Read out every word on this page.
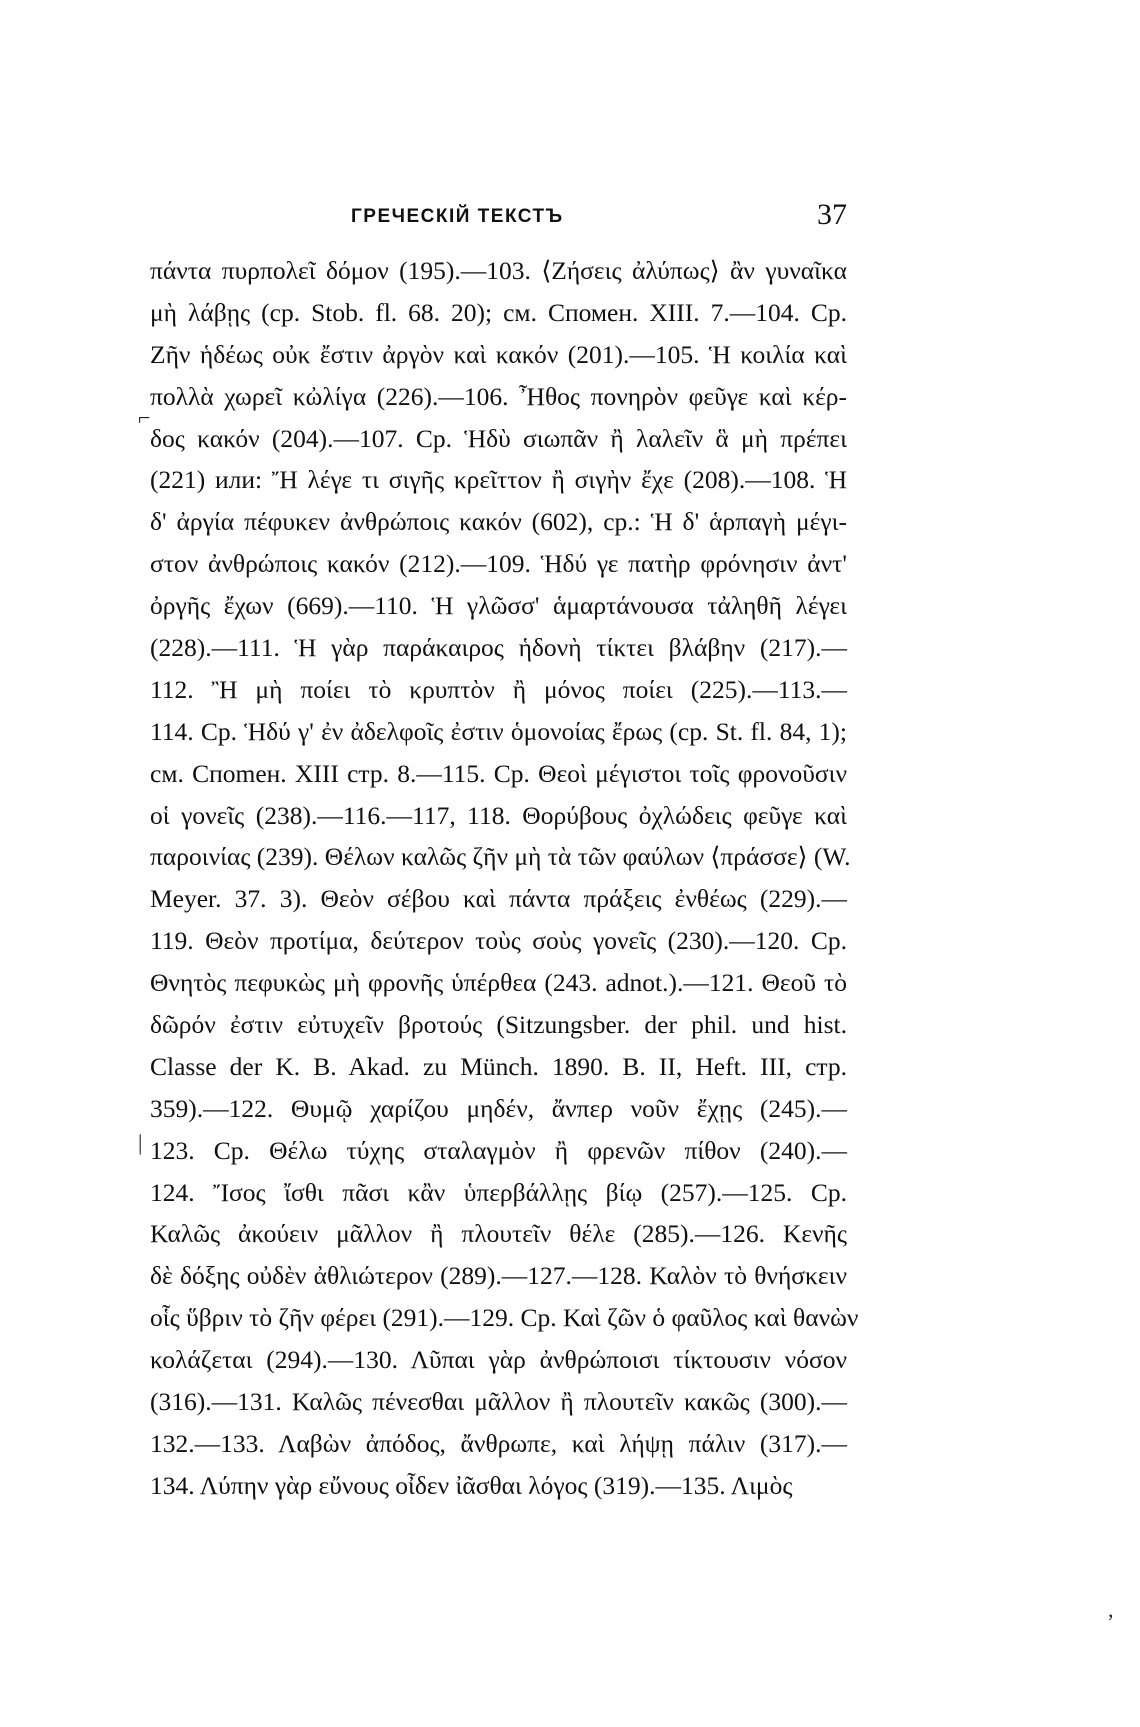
ГРЕЧЕСКІЙ ТЕКСТЪ	37
πάντα πυρπολεῖ δόμον (195).—103. ⟨Ζήσεις ἀλύπως⟩ ἂν γυναῖκα
μὴ λάβῃς (cp. Stob. fl. 68. 20); см. Спомен. XIII. 7.—104. Cp.
Ζῆν ἡδέως οὐκ ἔστιν ἀργὸν καὶ κακόν (201).—105. Ἡ κοιλία καὶ
πολλὰ χωρεῖ κὠλίγα (226).—106. Ἦθος πονηρὸν φεῦγε καὶ κέρ-
δος κακόν (204).—107. Cp. Ἡδὺ σιωπᾶν ἢ λαλεῖν ἃ μὴ πρέπει
(221) или: Ἤ λέγε τι σιγῆς κρεῖττον ἢ σιγὴν ἔχε (208).—108. Ἡ
δ' ἀργία πέφυκεν ἀνθρώποις κακόν (602), cp.: Ἡ δ' ἁρπαγὴ μέγι-
στον ἀνθρώποις κακόν (212).—109. Ἡδύ γε πατὴρ φρόνησιν ἀντ'
ὀργῆς ἔχων (669).—110. Ἡ γλῶσσ' ἁμαρτάνουσα τἀληθῆ λέγει
(228).—111. Ἡ γὰρ παράκαιρος ἡδονὴ τίκτει βλάβην (217).—
112. Ἢ μὴ ποίει τὸ κρυπτὸν ἢ μόνος ποίει (225).—113.—
114. Cp. Ἡδύ γ' ἐν ἀδελφοῖς ἐστιν ὁμονοίας ἔρως (cp. St. fl. 84, 1);
см. Споmен. XIII стр. 8.—115. Cp. Θεοὶ μέγιστοι τοῖς φρονοῦσιν
οἱ γονεῖς (238).—116.—117, 118. Θορύβους ὀχλώδεις φεῦγε καὶ
παροινίας (239). Θέλων καλῶς ζῆν μὴ τὰ τῶν φαύλων ⟨πράσσε⟩ (W.
Meyer. 37. 3). Θεὸν σέβου καὶ πάντα πράξεις ἐνθέως (229).—
119. Θεὸν προτίμα, δεύτερον τοὺς σοὺς γονεῖς (230).—120. Cp.
Θνητὸς πεφυκὼς μὴ φρονῆς ὑπέρθεα (243. adnot.).—121. Θεοῦ τὸ
δῶρόν ἐστιν εὐτυχεῖν βροτούς (Sitzungsber. der phil. und hist.
Classe der K. B. Akad. zu Münch. 1890. B. II, Heft. III, стр.
359).—122. Θυμῷ χαρίζου μηδέν, ἄνπερ νοῦν ἔχῃς (245).—
123. Cp. Θέλω τύχης σταλαγμὸν ἢ φρενῶν πίθον (240).—
124. Ἴσος ἴσθι πᾶσι κἂν ὑπερβάλλῃς βίῳ (257).—125. Cp.
Καλῶς ἀκούειν μᾶλλον ἢ πλουτεῖν θέλε (285).—126. Κενῆς
δὲ δόξης οὐδὲν ἀθλιώτερον (289).—127.—128. Καλὸν τὸ θνήσκειν
οἷς ὕβριν τὸ ζῆν φέρει (291).—129. Cp. Καὶ ζῶν ὁ φαῦλος καὶ θανὼν
κολάζεται (294).—130. Λῦπαι γὰρ ἀνθρώποισι τίκτουσιν νόσον
(316).—131. Καλῶς πένεσθαι μᾶλλον ἢ πλουτεῖν κακῶς (300).—
132.—133. Λαβὼν ἀπόδος, ἄνθρωπε, καὶ λήψῃ πάλιν (317).—
134. Λύπην γὰρ εὔνους οἶδεν ἰᾶσθαι λόγος (319).—135. Λιμὸς
⌐
|
,
